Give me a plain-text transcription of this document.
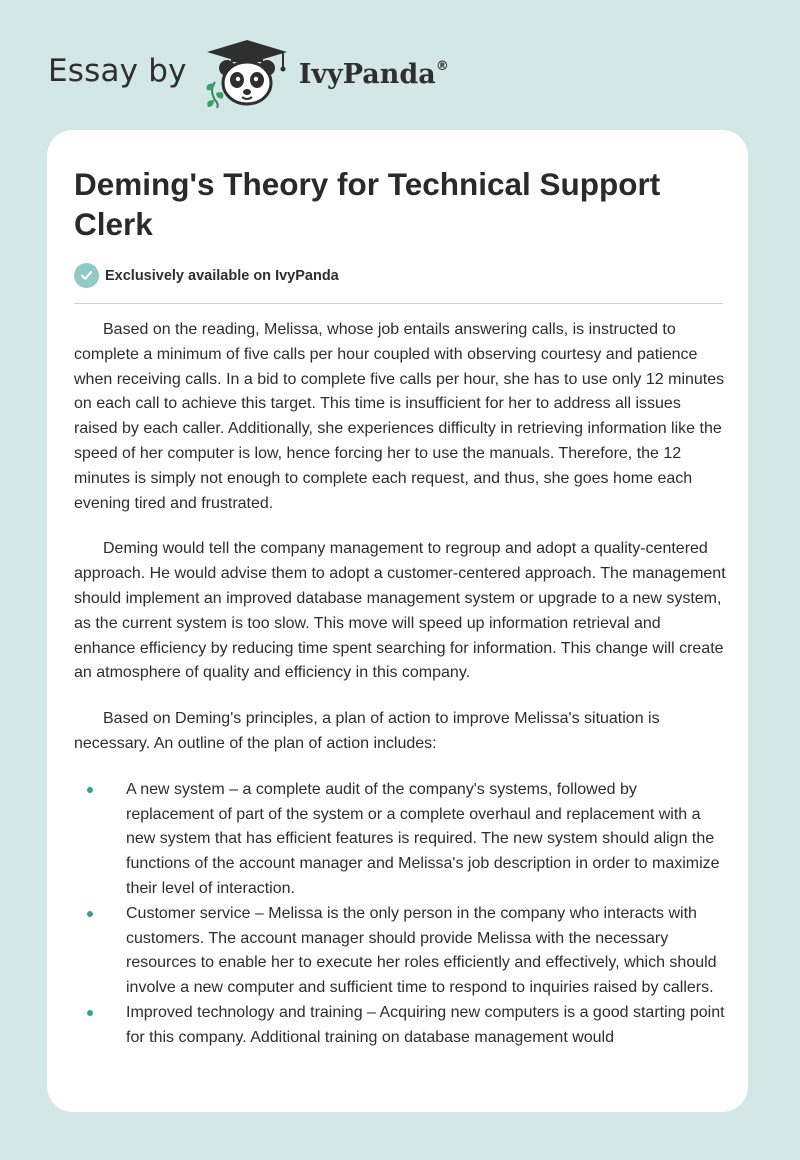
Essay by	IvyPanda®
Deming's Theory for Technical Support Clerk
Exclusively available on IvyPanda

Based on the reading, Melissa, whose job entails answering calls, is instructed to complete a minimum of five calls per hour coupled with observing courtesy and patience when receiving calls. In a bid to complete five calls per hour, she has to use only 12 minutes on each call to achieve this target. This time is insufficient for her to address all issues raised by each caller. Additionally, she experiences difficulty in retrieving information like the speed of her computer is low, hence forcing her to use the manuals. Therefore, the 12 minutes is simply not enough to complete each request, and thus, she goes home each evening tired and frustrated.

Deming would tell the company management to regroup and adopt a quality-centered approach. He would advise them to adopt a customer-centered approach. The management should implement an improved database management system or upgrade to a new system, as the current system is too slow. This move will speed up information retrieval and enhance efficiency by reducing time spent searching for information. This change will create an atmosphere of quality and efficiency in this company.

Based on Deming's principles, a plan of action to improve Melissa's situation is necessary. An outline of the plan of action includes:

A new system – a complete audit of the company's systems, followed by replacement of part of the system or a complete overhaul and replacement with a new system that has efficient features is required. The new system should align the functions of the account manager and Melissa's job description in order to maximize their level of interaction.
Customer service – Melissa is the only person in the company who interacts with customers. The account manager should provide Melissa with the necessary resources to enable her to execute her roles efficiently and effectively, which should involve a new computer and sufficient time to respond to inquiries raised by callers.
Improved technology and training – Acquiring new computers is a good starting point for this company. Additional training on database management would
